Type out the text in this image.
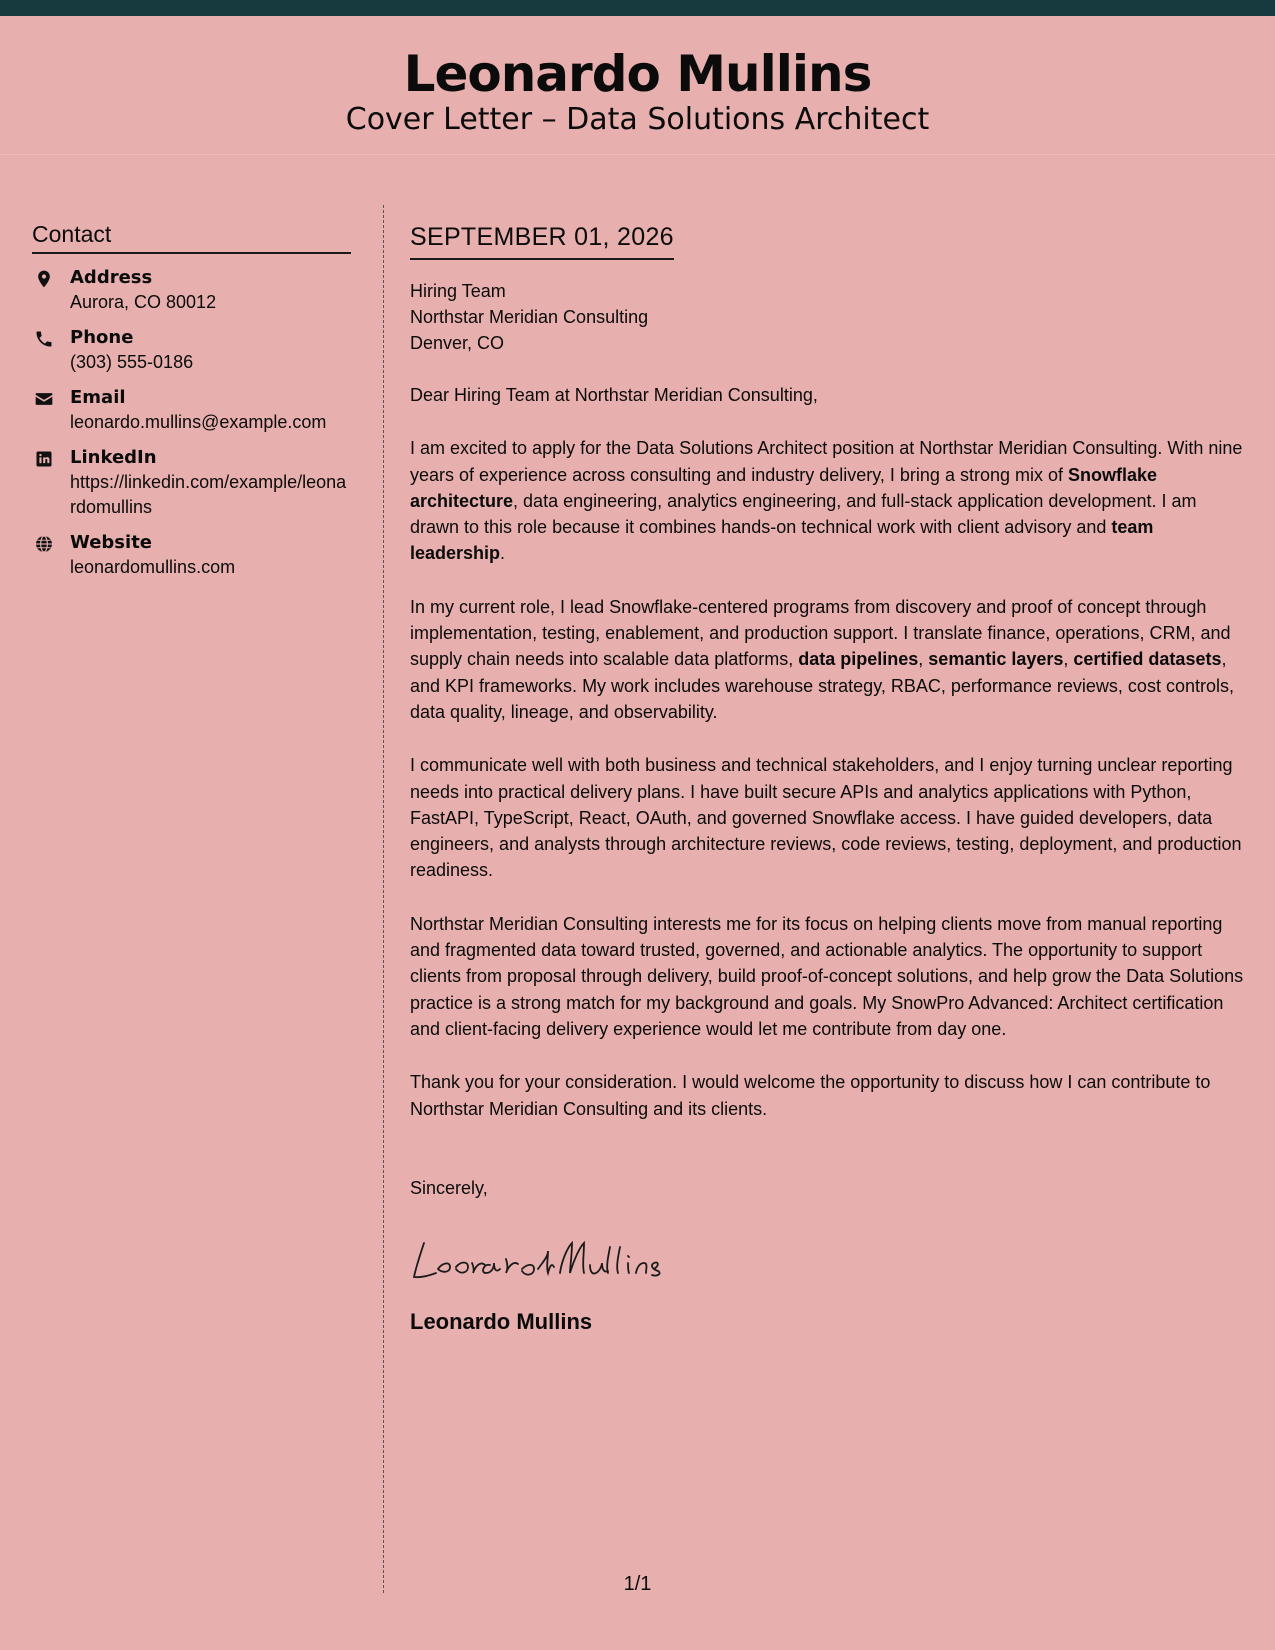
Leonardo Mullins
Cover Letter – Data Solutions Architect
Contact
Address
Aurora, CO 80012
Phone
(303) 555-0186
Email
leonardo.mullins@example.com
LinkedIn
https://linkedin.com/example/leonardomullins
Website
leonardomullins.com
SEPTEMBER 01, 2026
Hiring Team
Northstar Meridian Consulting
Denver, CO
Dear Hiring Team at Northstar Meridian Consulting,
I am excited to apply for the Data Solutions Architect position at Northstar Meridian Consulting. With nine years of experience across consulting and industry delivery, I bring a strong mix of Snowflake architecture, data engineering, analytics engineering, and full-stack application development. I am drawn to this role because it combines hands-on technical work with client advisory and team leadership.
In my current role, I lead Snowflake-centered programs from discovery and proof of concept through implementation, testing, enablement, and production support. I translate finance, operations, CRM, and supply chain needs into scalable data platforms, data pipelines, semantic layers, certified datasets, and KPI frameworks. My work includes warehouse strategy, RBAC, performance reviews, cost controls, data quality, lineage, and observability.
I communicate well with both business and technical stakeholders, and I enjoy turning unclear reporting needs into practical delivery plans. I have built secure APIs and analytics applications with Python, FastAPI, TypeScript, React, OAuth, and governed Snowflake access. I have guided developers, data engineers, and analysts through architecture reviews, code reviews, testing, deployment, and production readiness.
Northstar Meridian Consulting interests me for its focus on helping clients move from manual reporting and fragmented data toward trusted, governed, and actionable analytics. The opportunity to support clients from proposal through delivery, build proof-of-concept solutions, and help grow the Data Solutions practice is a strong match for my background and goals. My SnowPro Advanced: Architect certification and client-facing delivery experience would let me contribute from day one.
Thank you for your consideration. I would welcome the opportunity to discuss how I can contribute to Northstar Meridian Consulting and its clients.
Sincerely,
Leonardo Mullins
1/1
